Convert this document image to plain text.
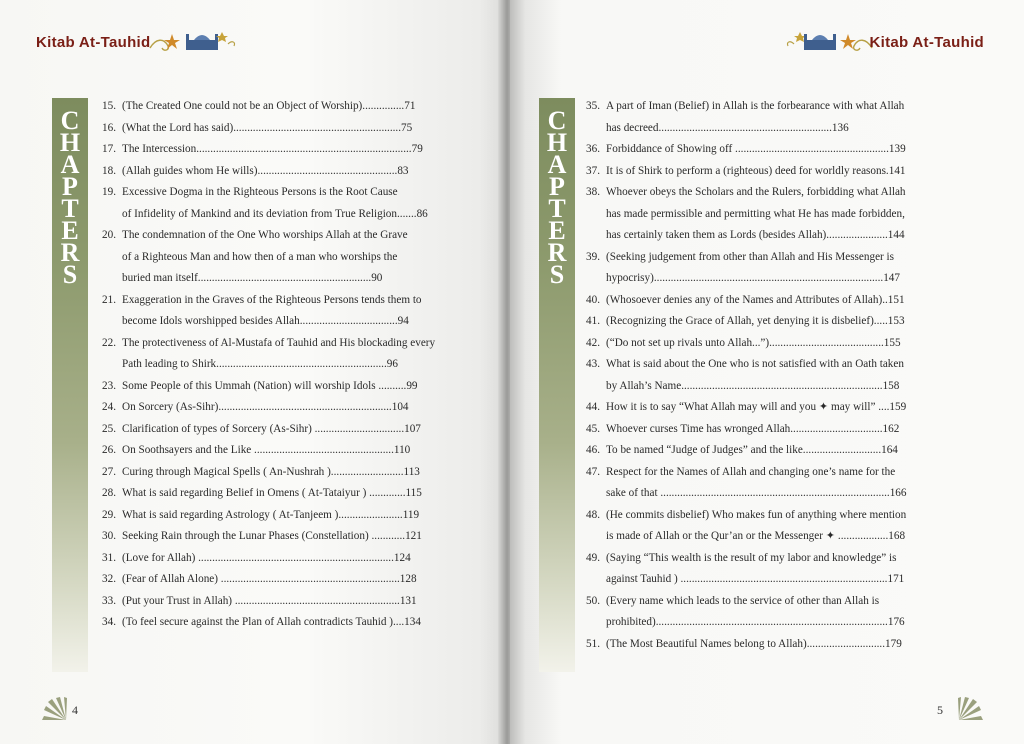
Kitab At-Tauhid
C
H
A
P
T
E
R
S
15. (The Created One could not be an Object of Worship)...............71
16. (What the Lord has said)............................................................75
17. The Intercession.............................................................................79
18. (Allah guides whom He wills)..................................................83
19. Excessive Dogma in the Righteous Persons is the Root Cause
of Infidelity of Mankind and its deviation from True Religion.......86
20. The condemnation of the One Who worships Allah at the Grave
of a Righteous Man and how then of a man who worships the
buried man itself..............................................................90
21. Exaggeration in the Graves of the Righteous Persons tends them to
become Idols worshipped besides Allah...................................94
22. The protectiveness of Al-Mustafa of Tauhid and His blockading every
Path leading to Shirk.............................................................96
23. Some People of this Ummah (Nation) will worship Idols ..........99
24. On Sorcery (As-Sihr)..............................................................104
25. Clarification of types of Sorcery (As-Sihr) ................................107
26. On Soothsayers and the Like ..................................................110
27. Curing through Magical Spells ( An-Nushrah )..........................113
28. What is said regarding Belief in Omens ( At-Tataiyur ) .............115
29. What is said regarding Astrology ( At-Tanjeem ).......................119
30. Seeking Rain through the Lunar Phases (Constellation) ............121
31. (Love for Allah) ......................................................................124
32. (Fear of Allah Alone) ................................................................128
33. (Put your Trust in Allah) ...........................................................131
34. (To feel secure against the Plan of Allah contradicts Tauhid )....134
4
Kitab At-Tauhid
C
H
A
P
T
E
R
S
35. A part of Iman (Belief) in Allah is the forbearance with what Allah
has decreed..............................................................136
36. Forbiddance of Showing off .......................................................139
37. It is of Shirk to perform a (righteous) deed for worldly reasons.141
38. Whoever obeys the Scholars and the Rulers, forbidding what Allah
has made permissible and permitting what He has made forbidden,
has certainly taken them as Lords (besides Allah)......................144
39. (Seeking judgement from other than Allah and His Messenger is
hypocrisy)..................................................................................147
40. (Whosoever denies any of the Names and Attributes of Allah)..151
41. (Recognizing the Grace of Allah, yet denying it is disbelief).....153
42. (“Do not set up rivals unto Allah...”).........................................155
43. What is said about the One who is not satisfied with an Oath taken
by Allah’s Name........................................................................158
44. How it is to say “What Allah may will and you ✦ may will” ....159
45. Whoever curses Time has wronged Allah.................................162
46. To be named “Judge of Judges” and the like............................164
47. Respect for the Names of Allah and changing one’s name for the
sake of that ..................................................................................166
48. (He commits disbelief) Who makes fun of anything where mention
is made of Allah or the Qur’an or the Messenger ✦ ..................168
49. (Saying “This wealth is the result of my labor and knowledge” is
against Tauhid ) ..........................................................................171
50. (Every name which leads to the service of other than Allah is
prohibited)...................................................................................176
51. (The Most Beautiful Names belong to Allah)............................179
5
